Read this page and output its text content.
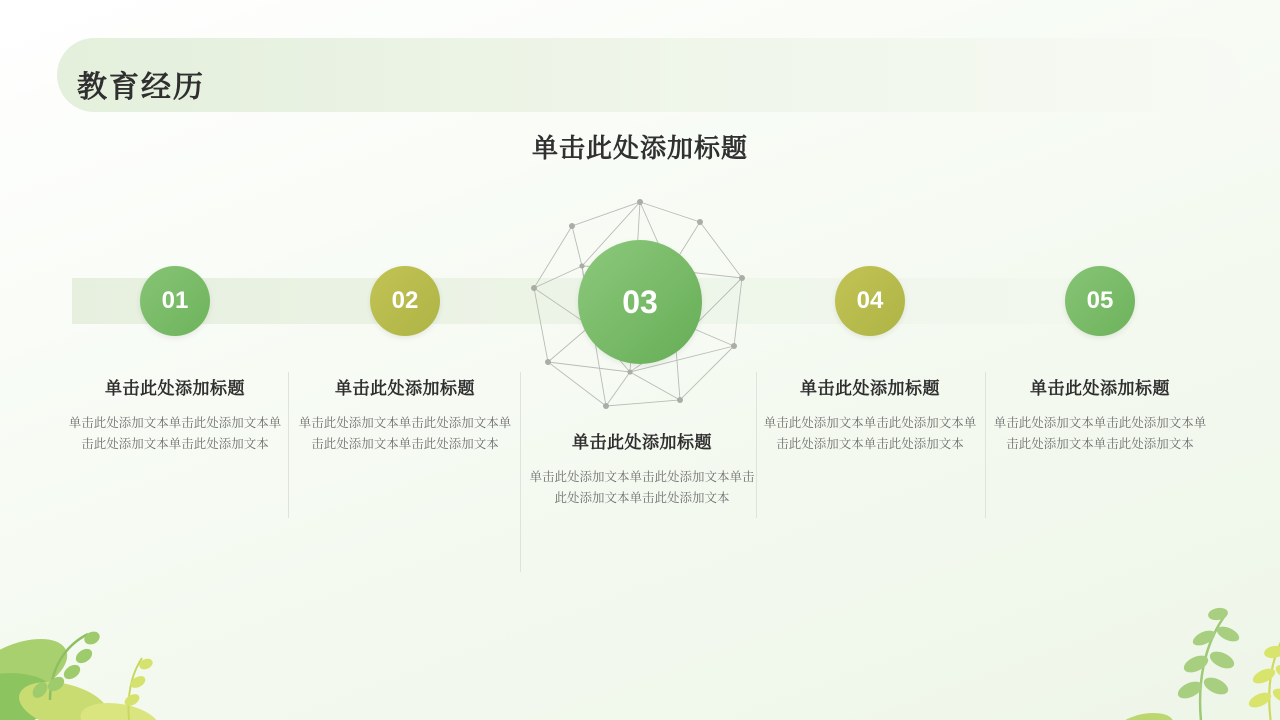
教育经历
单击此处添加标题
01	02	03	04	05
单击此处添加标题
单击此处添加文本单击此处添加文本单击此处添加文本单击此处添加文本
单击此处添加标题
单击此处添加文本单击此处添加文本单击此处添加文本单击此处添加文本	单击此处添加标题
单击此处添加文本单击此处添加文本单击此处添加文本单击此处添加文本
单击此处添加标题
单击此处添加文本单击此处添加文本单击此处添加文本单击此处添加文本
单击此处添加标题
单击此处添加文本单击此处添加文本单击此处添加文本单击此处添加文本
